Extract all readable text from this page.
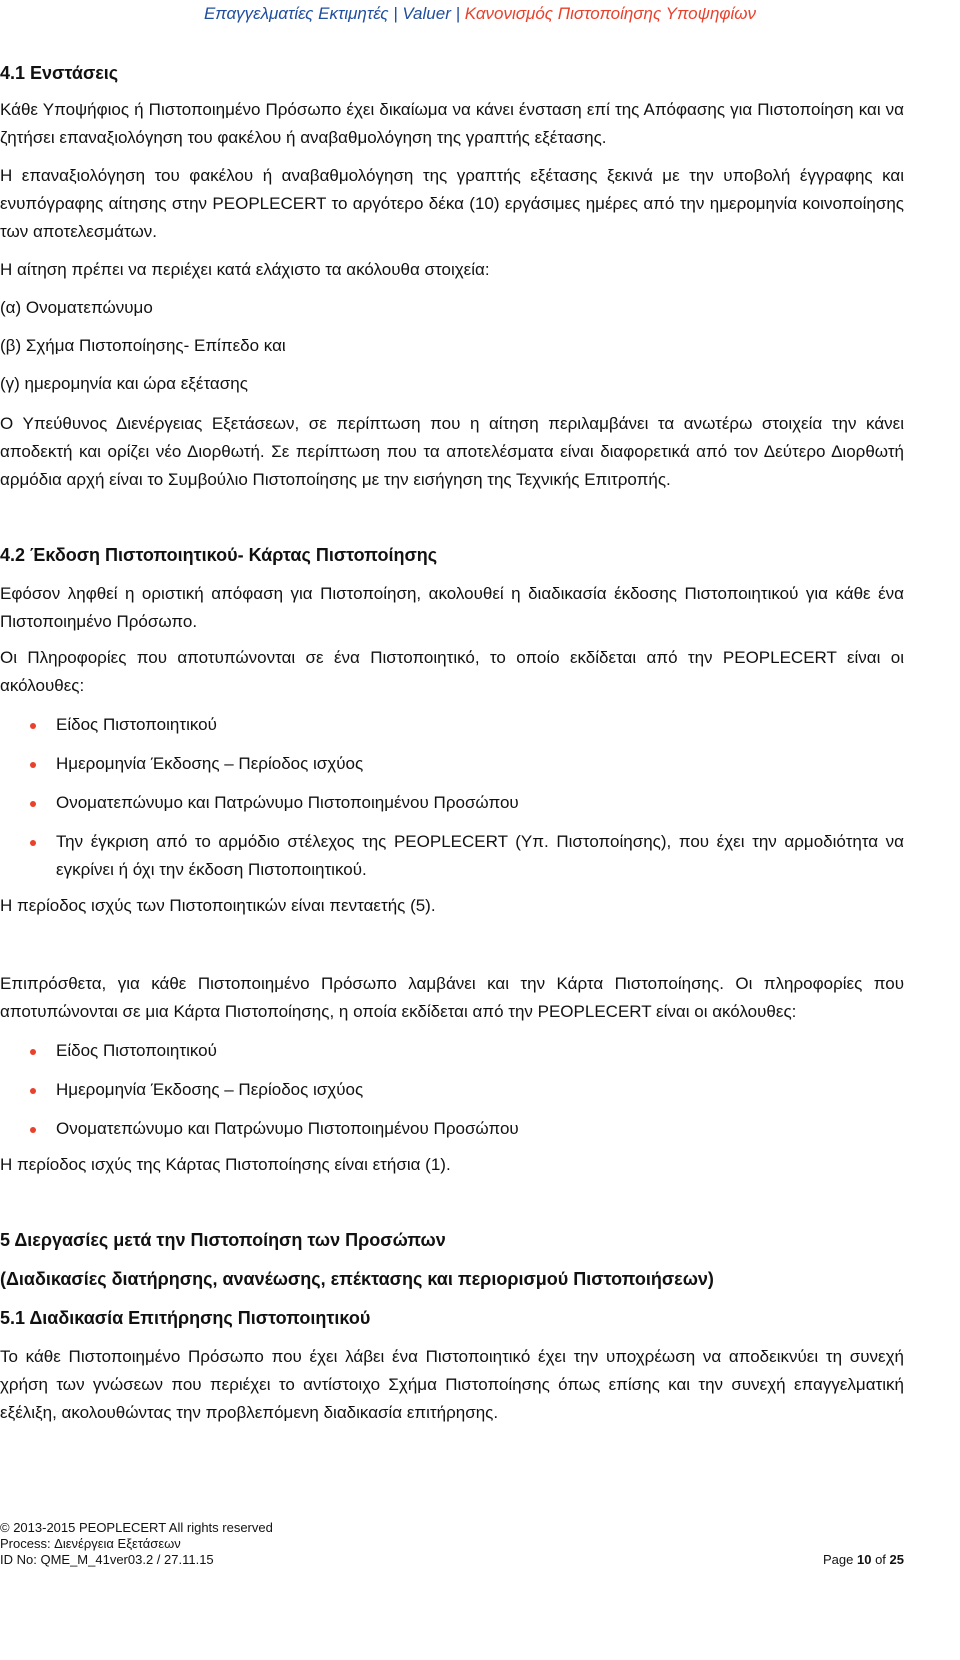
Επαγγελματίες Εκτιμητές | Valuer | Κανονισμός Πιστοποίησης Υποψηφίων
4.1 Ενστάσεις

Κάθε Υποψήφιος ή Πιστοποιημένο Πρόσωπο έχει δικαίωμα να κάνει ένσταση επί της Απόφασης για Πιστοποίηση και να ζητήσει επαναξιολόγηση του φακέλου ή αναβαθμολόγηση της γραπτής εξέτασης.

Η επαναξιολόγηση του φακέλου ή αναβαθμολόγηση της γραπτής εξέτασης ξεκινά με την υποβολή έγγραφης και ενυπόγραφης αίτησης στην PEOPLECERT το αργότερο δέκα (10) εργάσιμες ημέρες από την ημερομηνία κοινοποίησης των αποτελεσμάτων.

Η αίτηση πρέπει να περιέχει κατά ελάχιστο τα ακόλουθα στοιχεία:

(α) Ονοματεπώνυμο

(β) Σχήμα Πιστοποίησης- Επίπεδο και

(γ) ημερομηνία και ώρα εξέτασης

Ο Υπεύθυνος Διενέργειας Εξετάσεων, σε περίπτωση που η αίτηση περιλαμβάνει τα ανωτέρω στοιχεία την κάνει αποδεκτή και ορίζει νέο Διορθωτή. Σε περίπτωση που τα αποτελέσματα είναι διαφορετικά από τον Δεύτερο Διορθωτή αρμόδια αρχή είναι το Συμβούλιο Πιστοποίησης με την εισήγηση της Τεχνικής Επιτροπής.

4.2 Έκδοση Πιστοποιητικού- Κάρτας Πιστοποίησης

Εφόσον ληφθεί η οριστική απόφαση για Πιστοποίηση, ακολουθεί η διαδικασία έκδοσης Πιστοποιητικού για κάθε ένα Πιστοποιημένο Πρόσωπο.

Οι Πληροφορίες που αποτυπώνονται σε ένα Πιστοποιητικό, το οποίο εκδίδεται από την PEOPLECERT είναι οι ακόλουθες:

Είδος Πιστοποιητικού
Ημερομηνία Έκδοσης – Περίοδος ισχύος
Ονοματεπώνυμο και Πατρώνυμο Πιστοποιημένου Προσώπου
Την έγκριση από το αρμόδιο στέλεχος της PEOPLECERT (Υπ. Πιστοποίησης), που έχει την αρμοδιότητα να εγκρίνει ή όχι την έκδοση Πιστοποιητικού.

Η περίοδος ισχύς των Πιστοποιητικών είναι πενταετής (5).

Επιπρόσθετα, για κάθε Πιστοποιημένο Πρόσωπο λαμβάνει και την Κάρτα Πιστοποίησης. Οι πληροφορίες που αποτυπώνονται σε μια Κάρτα Πιστοποίησης, η οποία εκδίδεται από την PEOPLECERT είναι οι ακόλουθες:

Είδος Πιστοποιητικού
Ημερομηνία Έκδοσης – Περίοδος ισχύος
Ονοματεπώνυμο και Πατρώνυμο Πιστοποιημένου Προσώπου

Η περίοδος ισχύς της Κάρτας Πιστοποίησης είναι ετήσια (1).

5 Διεργασίες μετά την Πιστοποίηση των Προσώπων
(Διαδικασίες διατήρησης, ανανέωσης, επέκτασης και περιορισμού Πιστοποιήσεων)
5.1 Διαδικασία Επιτήρησης Πιστοποιητικού

Το κάθε Πιστοποιημένο Πρόσωπο που έχει λάβει ένα Πιστοποιητικό έχει την υποχρέωση να αποδεικνύει τη συνεχή χρήση των γνώσεων που περιέχει το αντίστοιχο Σχήμα Πιστοποίησης όπως επίσης και την συνεχή επαγγελματική εξέλιξη, ακολουθώντας την προβλεπόμενη διαδικασία επιτήρησης.

© 2013-2015 PEOPLECERT All rights reserved
Process: Διενέργεια Εξετάσεων
ID No: QME_M_41ver03.2 / 27.11.15	Page 10 of 25
